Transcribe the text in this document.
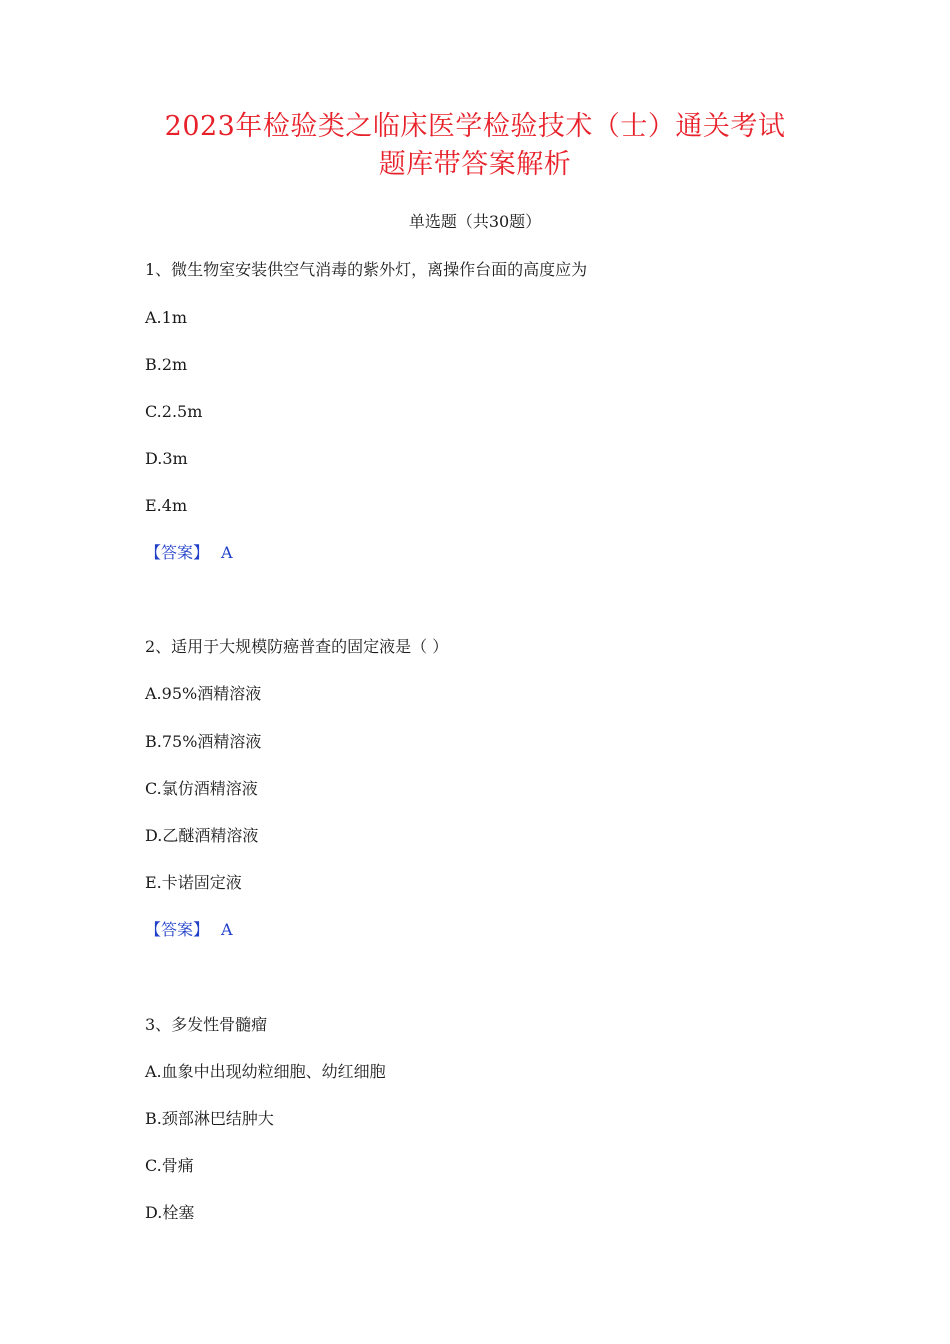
2023年检验类之临床医学检验技术（士）通关考试
题库带答案解析
单选题（共30题）
1、微生物室安装供空气消毒的紫外灯，离操作台面的高度应为
A.1m
B.2m
C.2.5m
D.3m
E.4m
【答案】 A
2、适用于大规模防癌普查的固定液是（ ）
A.95%酒精溶液
B.75%酒精溶液
C.氯仿酒精溶液
D.乙醚酒精溶液
E.卡诺固定液
【答案】 A
3、多发性骨髓瘤
A.血象中出现幼粒细胞、幼红细胞
B.颈部淋巴结肿大
C.骨痛
D.栓塞
